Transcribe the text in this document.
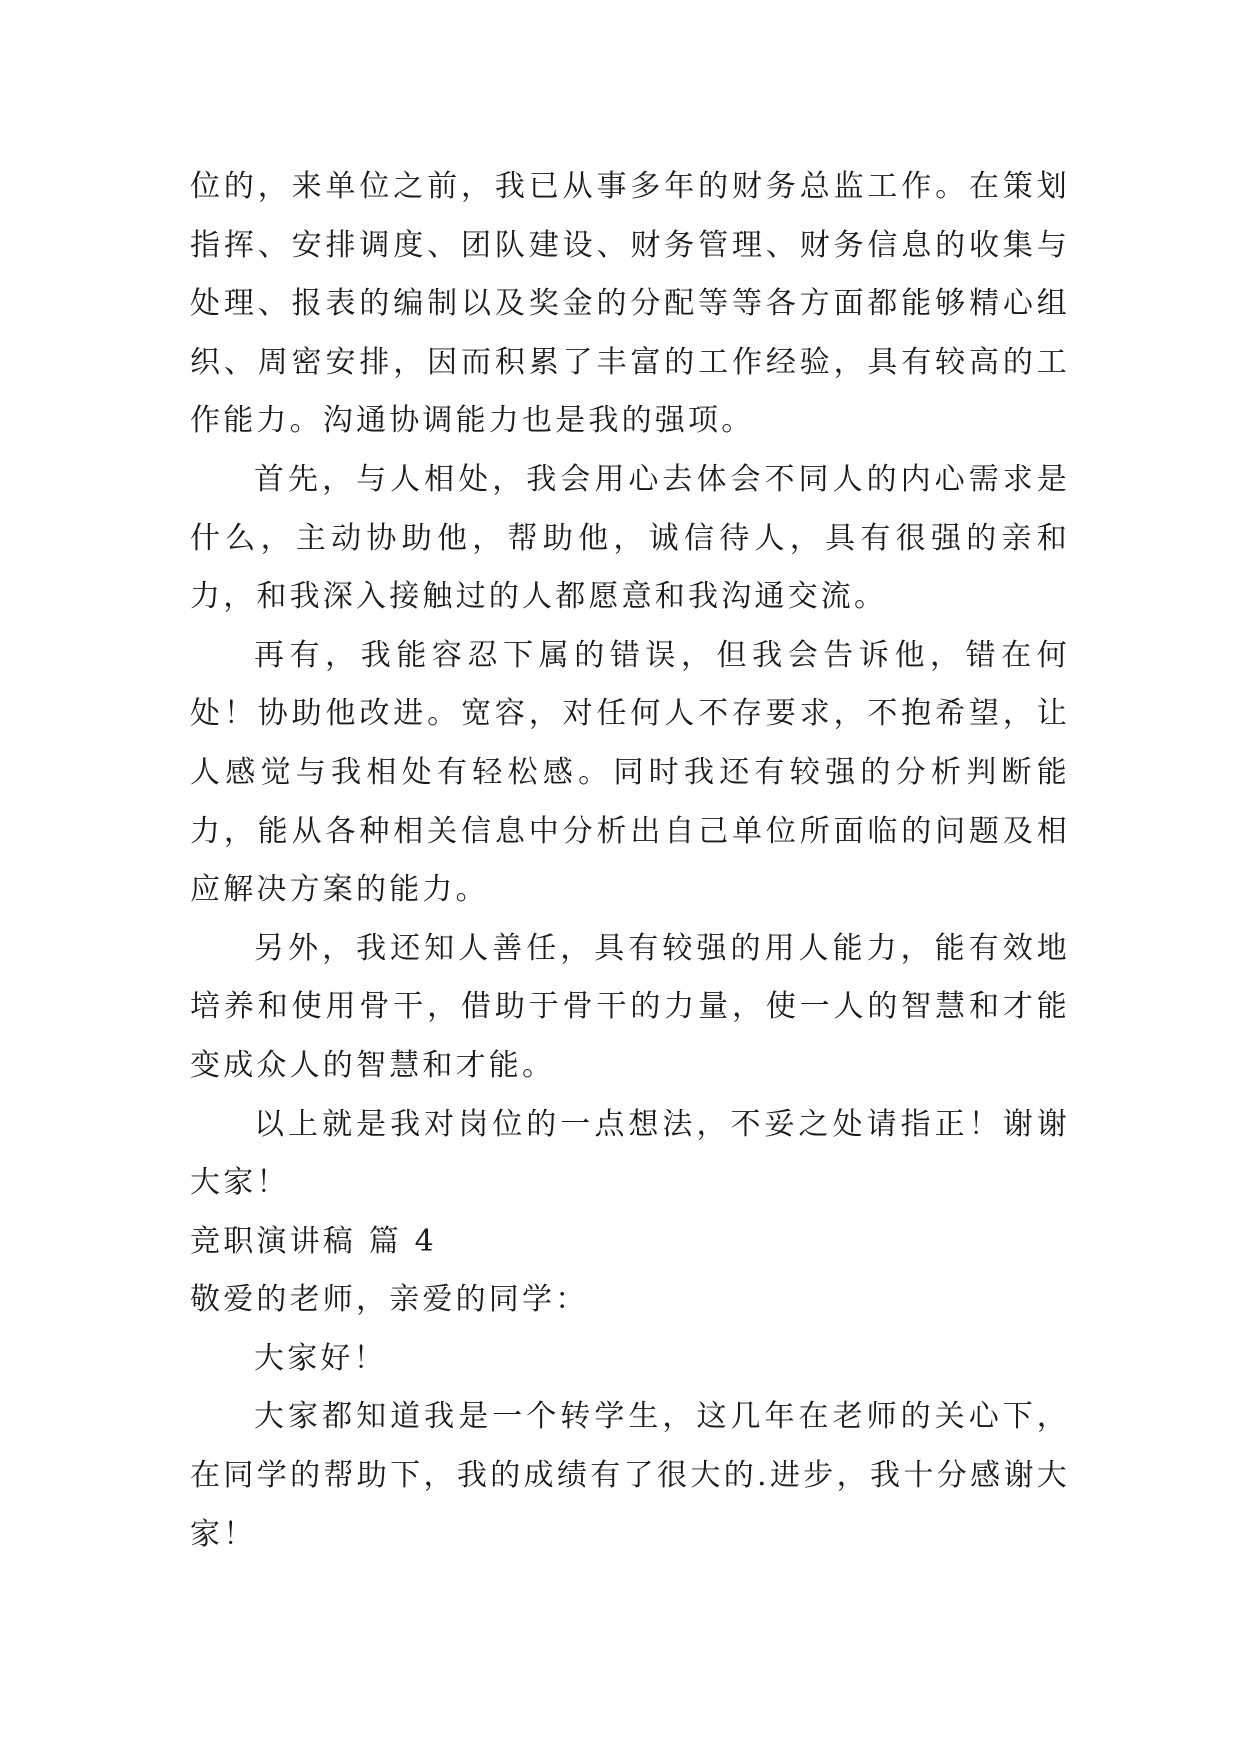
位的，来单位之前，我已从事多年的财务总监工作。在策划指挥、安排调度、团队建设、财务管理、财务信息的收集与处理、报表的编制以及奖金的分配等等各方面都能够精心组织、周密安排，因而积累了丰富的工作经验，具有较高的工作能力。沟通协调能力也是我的强项。

首先，与人相处，我会用心去体会不同人的内心需求是什么，主动协助他，帮助他，诚信待人，具有很强的亲和力，和我深入接触过的人都愿意和我沟通交流。

再有，我能容忍下属的错误，但我会告诉他，错在何处！协助他改进。宽容，对任何人不存要求，不抱希望，让人感觉与我相处有轻松感。同时我还有较强的分析判断能力，能从各种相关信息中分析出自己单位所面临的问题及相应解决方案的能力。

另外，我还知人善任，具有较强的用人能力，能有效地培养和使用骨干，借助于骨干的力量，使一人的智慧和才能变成众人的智慧和才能。

以上就是我对岗位的一点想法，不妥之处请指正！谢谢大家！

竞职演讲稿 篇 4

敬爱的老师，亲爱的同学：

大家好！

大家都知道我是一个转学生，这几年在老师的关心下，在同学的帮助下，我的成绩有了很大的.进步，我十分感谢大家！
